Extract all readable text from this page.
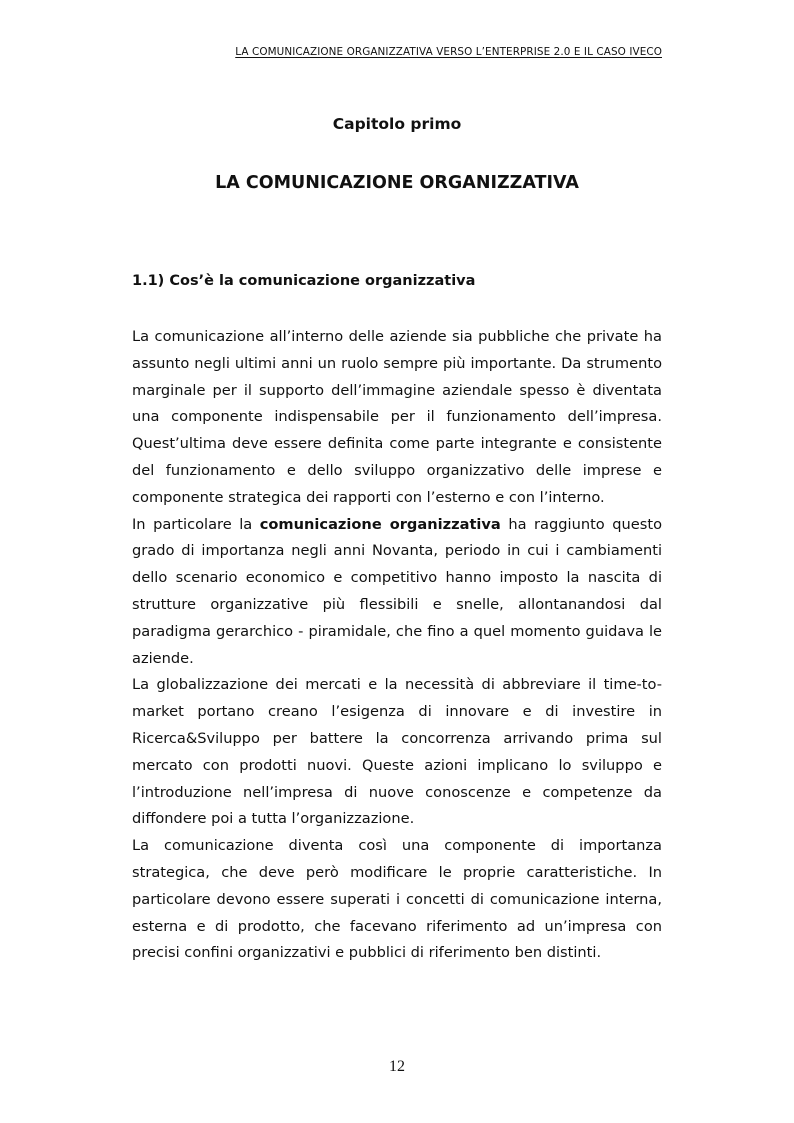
LA COMUNICAZIONE ORGANIZZATIVA VERSO L’ENTERPRISE 2.0 E IL CASO IVECO
Capitolo primo
LA COMUNICAZIONE ORGANIZZATIVA
1.1) Cos’è la comunicazione organizzativa

La comunicazione all’interno delle aziende sia pubbliche che private ha assunto negli ultimi anni un ruolo sempre più importante. Da strumento marginale per il supporto dell’immagine aziendale spesso è diventata una componente indispensabile per il funzionamento dell’impresa. Quest’ultima deve essere definita come parte integrante e consistente del funzionamento e dello sviluppo organizzativo delle imprese e componente strategica dei rapporti con l’esterno e con l’interno.

In particolare la comunicazione organizzativa ha raggiunto questo grado di importanza negli anni Novanta, periodo in cui i cambiamenti dello scenario economico e competitivo hanno imposto la nascita di strutture organizzative più flessibili e snelle, allontanandosi dal paradigma gerarchico - piramidale, che fino a quel momento guidava le aziende.

La globalizzazione dei mercati e la necessità di abbreviare il time-to-market portano creano l’esigenza di innovare e di investire in Ricerca&Sviluppo per battere la concorrenza arrivando prima sul mercato con prodotti nuovi. Queste azioni implicano lo sviluppo e l’introduzione nell’impresa di nuove conoscenze e competenze da diffondere poi a tutta l’organizzazione.

La comunicazione diventa così una componente di importanza strategica, che deve però modificare le proprie caratteristiche. In particolare devono essere superati i concetti di comunicazione interna, esterna e di prodotto, che facevano riferimento ad un’impresa con precisi confini organizzativi e pubblici di riferimento ben distinti.

12
